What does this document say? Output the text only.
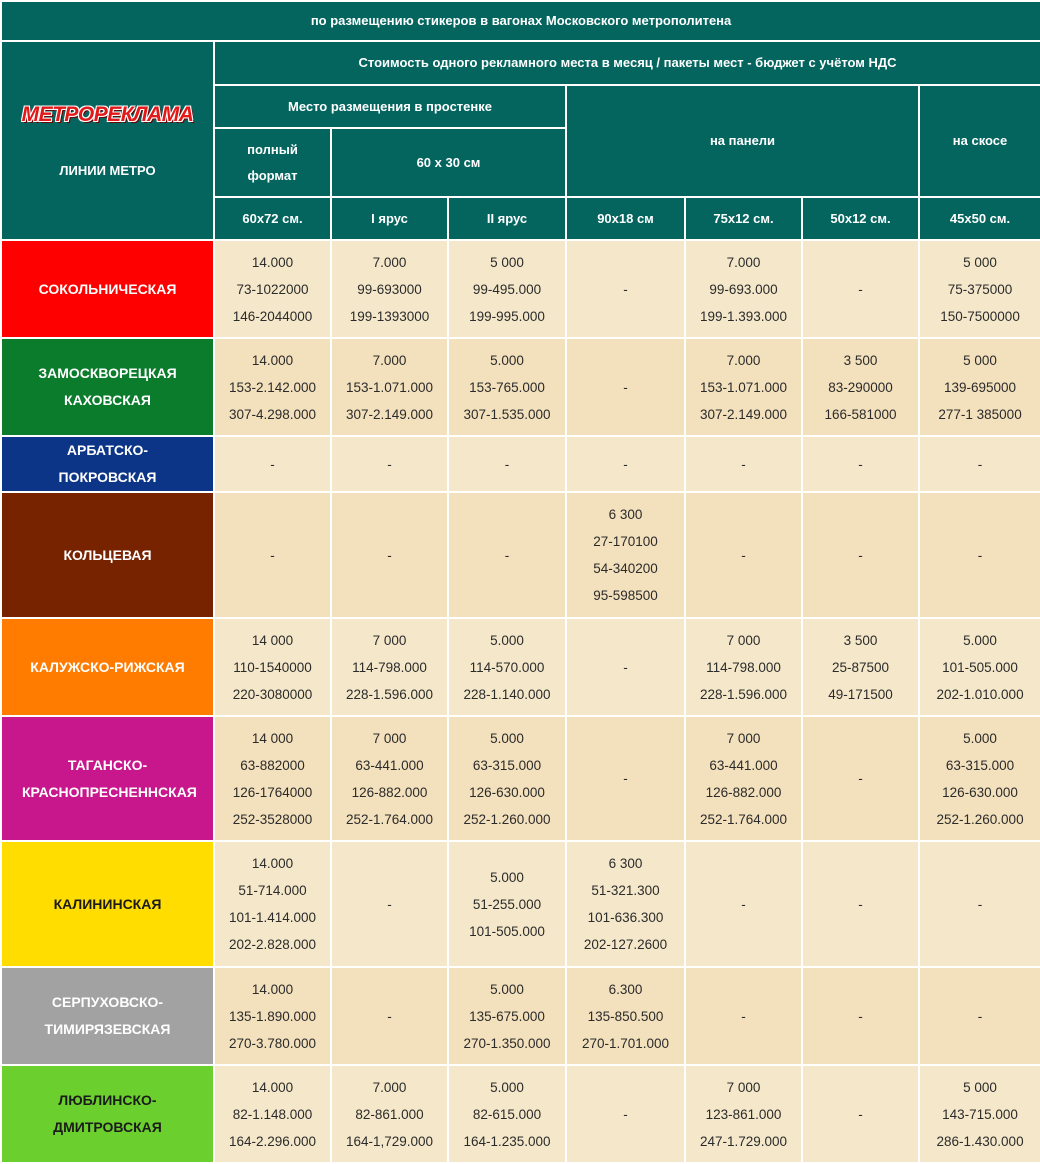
по размещению стикеров в вагонах Московского метрополитена							
МЕТРОРЕКЛАМА
ЛИНИИ МЕТРО	Стоимость одного рекламного места в месяц / пакеты мест - бюджет с учётом НДС						
	Место размещения в простенке			на панели			на скосе
	полный формат	60 х 30 см					
	60х72 см.	I ярус	II ярус	90х18 см	75х12 см.	50х12 см.	45х50 см.
СОКОЛЬНИЧЕСКАЯ	14.000
73-1022000
146-2044000	7.000
99-693000
199-1393000	5 000
99-495.000
199-995.000	-	7.000
99-693.000
199-1.393.000	-	5 000
75-375000
150-7500000

ЗАМОСКВОРЕЦКАЯ КАХОВСКАЯ	14.000
153-2.142.000
307-4.298.000	7.000
153-1.071.000
307-2.149.000	5.000
153-765.000
307-1.535.000	-	7.000
153-1.071.000
307-2.149.000	3 500
83-290000
166-581000	5 000
139-695000
277-1 385000

АРБАТСКО-ПОКРОВСКАЯ	-	-	-	-	-	-	-

КОЛЬЦЕВАЯ	-	-	-	6 300
27-170100
54-340200
95-598500	-	-	-

КАЛУЖСКО-РИЖСКАЯ	14 000
110-1540000
220-3080000	7 000
114-798.000
228-1.596.000	5.000
114-570.000
228-1.140.000	-	7 000
114-798.000
228-1.596.000	3 500
25-87500
49-171500	5.000
101-505.000
202-1.010.000

ТАГАНСКО-КРАСНОПРЕСНЕННСКАЯ	14 000
63-882000
126-1764000
252-3528000	7 000
63-441.000
126-882.000
252-1.764.000	5.000
63-315.000
126-630.000
252-1.260.000	-	7 000
63-441.000
126-882.000
252-1.764.000	-	5.000
63-315.000
126-630.000
252-1.260.000

КАЛИНИНСКАЯ	14.000
51-714.000
101-1.414.000
202-2.828.000	-	5.000
51-255.000
101-505.000	6 300
51-321.300
101-636.300
202-127.2600	-	-	-

СЕРПУХОВСКО-ТИМИРЯЗЕВСКАЯ	14.000
135-1.890.000
270-3.780.000	-	5.000
135-675.000
270-1.350.000	6.300
135-850.500
270-1.701.000	-	-	-

ЛЮБЛИНСКО-ДМИТРОВСКАЯ	14.000
82-1.148.000
164-2.296.000	7.000
82-861.000
164-1,729.000	5.000
82-615.000
164-1.235.000	-	7 000
123-861.000
247-1.729.000	-	5 000
143-715.000
286-1.430.000
